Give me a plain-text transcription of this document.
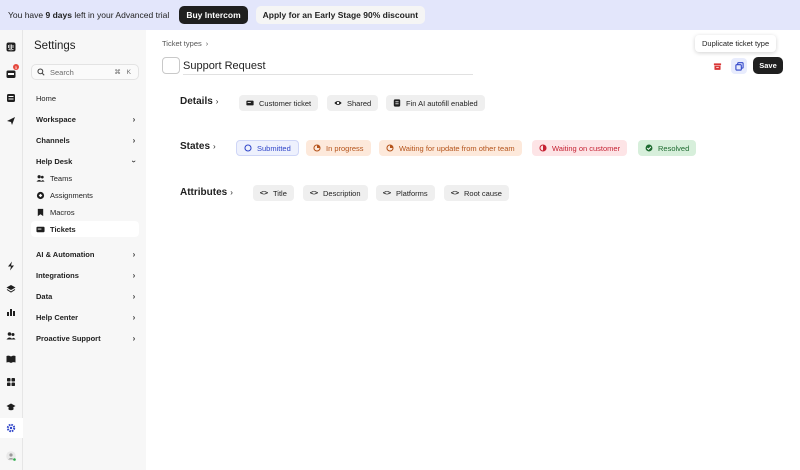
You have 9 days left in your Advanced trial	Buy Intercom	Apply for an Early Stage 90% discount
5
Settings
Search	⌘ K
Home
Workspace	›
Channels	›
Help Desk	›
Teams
Assignments
Macros
Tickets
AI & Automation	›
Integrations	›
Data	›
Help Center	›
Proactive Support	›
Ticket types ›
Support Request
Duplicate ticket type
Save
Details ›	Customer ticket	Shared	Fin AI autofill enabled
States ›	Submitted	In progress	Waiting for update from other team	Waiting on customer	Resolved
Attributes ›	<> Title	<> Description	<> Platforms	<> Root cause
